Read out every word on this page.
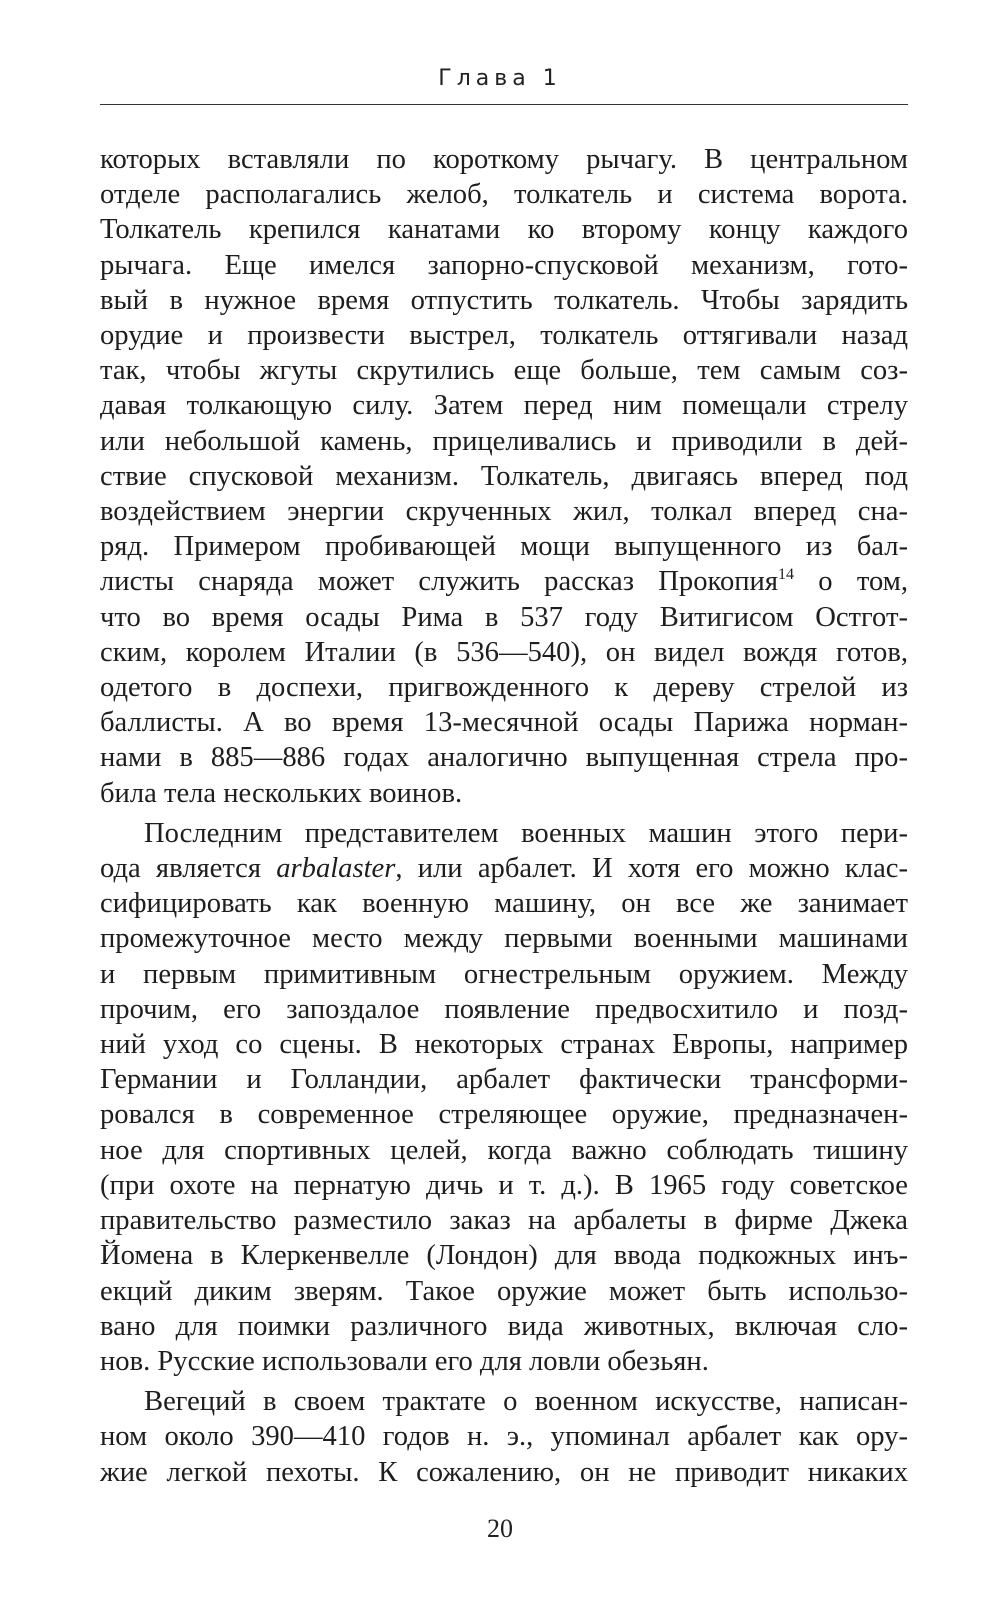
Глава 1
которых вставляли по короткому рычагу. В центральном
отделе располагались желоб, толкатель и система ворота.
Толкатель крепился канатами ко второму концу каждого
рычага. Еще имелся запорно-спусковой механизм, гото-
вый в нужное время отпустить толкатель. Чтобы зарядить
орудие и произвести выстрел, толкатель оттягивали назад
так, чтобы жгуты скрутились еще больше, тем самым соз-
давая толкающую силу. Затем перед ним помещали стрелу
или небольшой камень, прицеливались и приводили в дей-
ствие спусковой механизм. Толкатель, двигаясь вперед под
воздействием энергии скрученных жил, толкал вперед сна-
ряд. Примером пробивающей мощи выпущенного из бал-
листы снаряда может служить рассказ Прокопия$^{14}$ о том,
что во время осады Рима в 537 году Витигисом Остгот-
ским, королем Италии (в 536—540), он видел вождя готов,
одетого в доспехи, пригвожденного к дереву стрелой из
баллисты. А во время 13-месячной осады Парижа норман-
нами в 885—886 годах аналогично выпущенная стрела про-
била тела нескольких воинов.
Последним представителем военных машин этого пери-
ода является arbalaster, или арбалет. И хотя его можно клас-
сифицировать как военную машину, он все же занимает
промежуточное место между первыми военными машинами
и первым примитивным огнестрельным оружием. Между
прочим, его запоздалое появление предвосхитило и позд-
ний уход со сцены. В некоторых странах Европы, например
Германии и Голландии, арбалет фактически трансформи-
ровался в современное стреляющее оружие, предназначен-
ное для спортивных целей, когда важно соблюдать тишину
(при охоте на пернатую дичь и т. д.). В 1965 году советское
правительство разместило заказ на арбалеты в фирме Джека
Йомена в Клеркенвелле (Лондон) для ввода подкожных инъ-
екций диким зверям. Такое оружие может быть использо-
вано для поимки различного вида животных, включая сло-
нов. Русские использовали его для ловли обезьян.
Вегеций в своем трактате о военном искусстве, написан-
ном около 390—410 годов н. э., упоминал арбалет как ору-
жие легкой пехоты. К сожалению, он не приводит никаких
20
